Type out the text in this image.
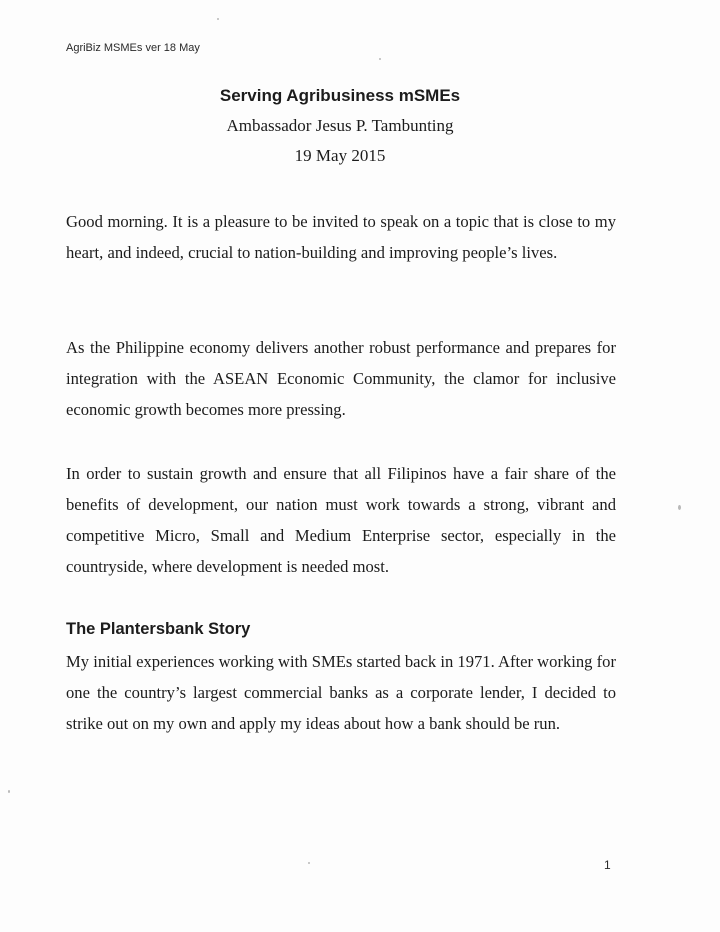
AgriBiz MSMEs ver 18 May

Serving Agribusiness mSMEs

Ambassador Jesus P. Tambunting

19 May 2015

Good morning. It is a pleasure to be invited to speak on a topic that is close to my heart, and indeed, crucial to nation-building and improving people’s lives.

As the Philippine economy delivers another robust performance and prepares for integration with the ASEAN Economic Community, the clamor for inclusive economic growth becomes more pressing.

In order to sustain growth and ensure that all Filipinos have a fair share of the benefits of development, our nation must work towards a strong, vibrant and competitive Micro, Small and Medium Enterprise sector, especially in the countryside, where development is needed most.

The Plantersbank Story

My initial experiences working with SMEs started back in 1971. After working for one the country’s largest commercial banks as a corporate lender, I decided to strike out on my own and apply my ideas about how a bank should be run.

1
